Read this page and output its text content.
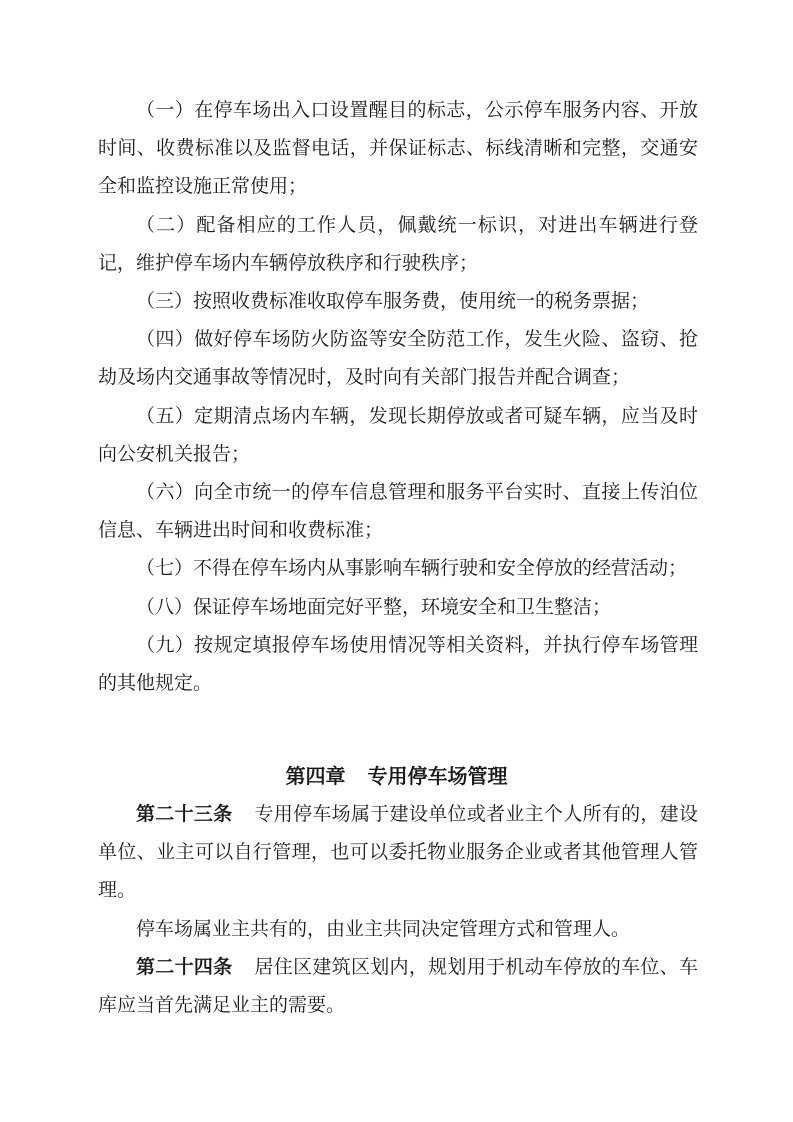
（一）在停车场出入口设置醒目的标志，公示停车服务内容、开放时间、收费标准以及监督电话，并保证标志、标线清晰和完整，交通安全和监控设施正常使用；

（二）配备相应的工作人员，佩戴统一标识，对进出车辆进行登记，维护停车场内车辆停放秩序和行驶秩序；

（三）按照收费标准收取停车服务费，使用统一的税务票据；

（四）做好停车场防火防盗等安全防范工作，发生火险、盗窃、抢劫及场内交通事故等情况时，及时向有关部门报告并配合调查；

（五）定期清点场内车辆，发现长期停放或者可疑车辆，应当及时向公安机关报告；

（六）向全市统一的停车信息管理和服务平台实时、直接上传泊位信息、车辆进出时间和收费标准；

（七）不得在停车场内从事影响车辆行驶和安全停放的经营活动；

（八）保证停车场地面完好平整，环境安全和卫生整洁；

（九）按规定填报停车场使用情况等相关资料，并执行停车场管理的其他规定。

第四章 专用停车场管理

第二十三条 专用停车场属于建设单位或者业主个人所有的，建设单位、业主可以自行管理，也可以委托物业服务企业或者其他管理人管理。

停车场属业主共有的，由业主共同决定管理方式和管理人。

第二十四条 居住区建筑区划内，规划用于机动车停放的车位、车库应当首先满足业主的需要。
